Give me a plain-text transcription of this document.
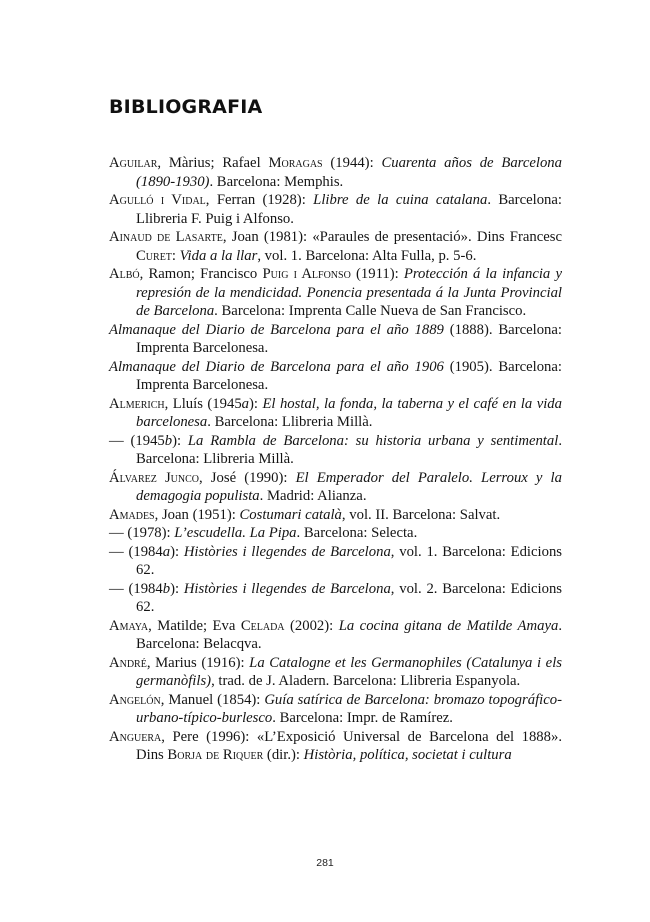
BIBLIOGRAFIA

Aguilar, Màrius; Rafael Moragas (1944): Cuarenta años de Barcelona (1890-1930). Barcelona: Memphis.

Agulló i Vidal, Ferran (1928): Llibre de la cuina catalana. Barcelona: Llibreria F. Puig i Alfonso.

Ainaud de Lasarte, Joan (1981): «Paraules de presentació». Dins Francesc Curet: Vida a la llar, vol. 1. Barcelona: Alta Fulla, p. 5-6.

Albó, Ramon; Francisco Puig i Alfonso (1911): Protección á la infancia y represión de la mendicidad. Ponencia presentada á la Junta Provincial de Barcelona. Barcelona: Imprenta Calle Nueva de San Francisco.

Almanaque del Diario de Barcelona para el año 1889 (1888). Barcelona: Imprenta Barcelonesa.

Almanaque del Diario de Barcelona para el año 1906 (1905). Barcelona: Imprenta Barcelonesa.

Almerich, Lluís (1945a): El hostal, la fonda, la taberna y el café en la vida barcelonesa. Barcelona: Llibreria Millà.

— (1945b): La Rambla de Barcelona: su historia urbana y sentimental. Barcelona: Llibreria Millà.

Álvarez Junco, José (1990): El Emperador del Paralelo. Lerroux y la demagogia populista. Madrid: Alianza.

Amades, Joan (1951): Costumari català, vol. II. Barcelona: Salvat.

— (1978): L’escudella. La Pipa. Barcelona: Selecta.

— (1984a): Històries i llegendes de Barcelona, vol. 1. Barcelona: Edicions 62.

— (1984b): Històries i llegendes de Barcelona, vol. 2. Barcelona: Edicions 62.

Amaya, Matilde; Eva Celada (2002): La cocina gitana de Matilde Amaya. Barcelona: Belacqva.

André, Marius (1916): La Catalogne et les Germanophiles (Catalunya i els germanòfils), trad. de J. Aladern. Barcelona: Llibreria Espanyola.

Angelón, Manuel (1854): Guía satírica de Barcelona: bromazo topográfico-urbano-típico-burlesco. Barcelona: Impr. de Ramírez.

Anguera, Pere (1996): «L’Exposició Universal de Barcelona del 1888». Dins Borja de Riquer (dir.): Història, política, societat i cultura

281
